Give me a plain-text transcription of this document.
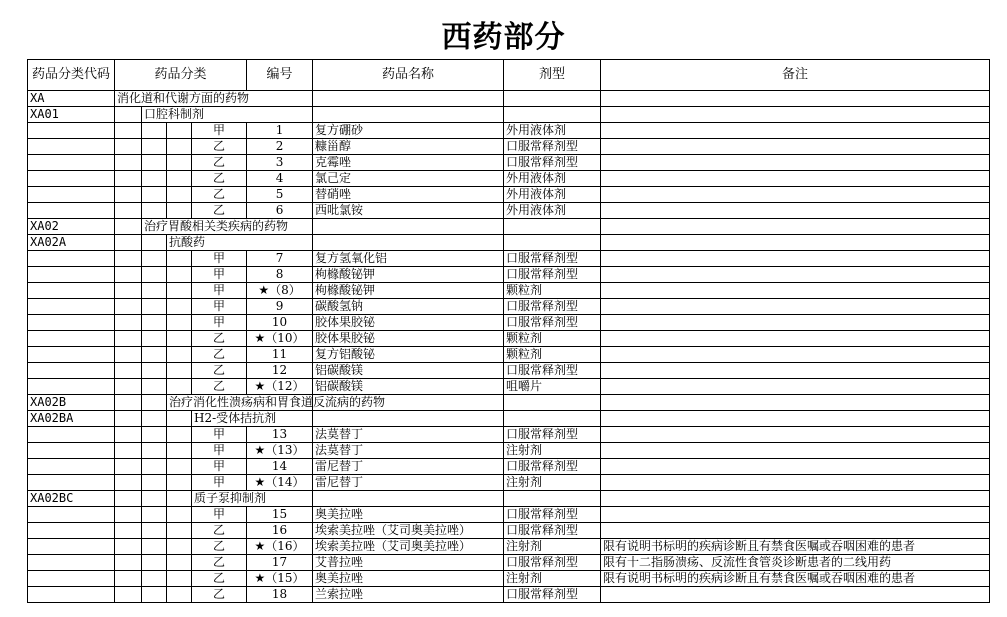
西药部分
药品分类代码	药品分类				编号	药品名称	剂型	备注
XA	消化道和代谢方面的药物							
XA01		口腔科制剂						
				甲	1	复方硼砂	外用液体剂	
				乙	2	糠甾醇	口服常释剂型	
				乙	3	克霉唑	口服常释剂型	
				乙	4	氯己定	外用液体剂	
				乙	5	替硝唑	外用液体剂	
				乙	6	西吡氯铵	外用液体剂	
XA02		治疗胃酸相关类疾病的药物						
XA02A			抗酸药					
				甲	7	复方氢氧化铝	口服常释剂型	
				甲	8	枸橼酸铋钾	口服常释剂型	
				甲	★（8）	枸橼酸铋钾	颗粒剂	
				甲	9	碳酸氢钠	口服常释剂型	
				甲	10	胶体果胶铋	口服常释剂型	
				乙	★（10）	胶体果胶铋	颗粒剂	
				乙	11	复方铝酸铋	颗粒剂	
				乙	12	铝碳酸镁	口服常释剂型	
				乙	★（12）	铝碳酸镁	咀嚼片	
XA02B			治疗消化性溃疡病和胃食道反流病的药物					
XA02BA				H2-受体拮抗剂				
				甲	13	法莫替丁	口服常释剂型	
				甲	★（13）	法莫替丁	注射剂	
				甲	14	雷尼替丁	口服常释剂型	
				甲	★（14）	雷尼替丁	注射剂	
XA02BC				质子泵抑制剂				
				甲	15	奥美拉唑	口服常释剂型	
				乙	16	埃索美拉唑（艾司奥美拉唑）	口服常释剂型	
				乙	★（16）	埃索美拉唑（艾司奥美拉唑）	注射剂	限有说明书标明的疾病诊断且有禁食医嘱或吞咽困难的患者
				乙	17	艾普拉唑	口服常释剂型	限有十二指肠溃疡、反流性食管炎诊断患者的二线用药
				乙	★（15）	奥美拉唑	注射剂	限有说明书标明的疾病诊断且有禁食医嘱或吞咽困难的患者
				乙	18	兰索拉唑	口服常释剂型	
